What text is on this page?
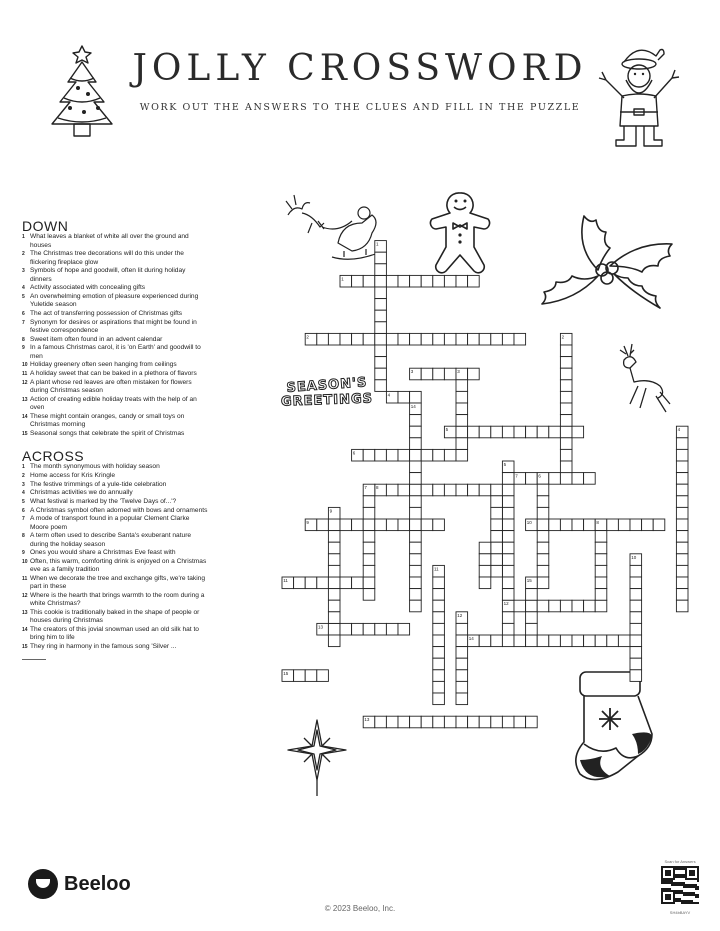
JOLLY CROSSWORD
WORK OUT THE ANSWERS TO THE CLUES AND FILL IN THE PUZZLE
SEASON'S
GREETINGS
DOWN
1 What leaves a blanket of white all over the ground and houses
2 The Christmas tree decorations will do this under the flickering fireplace glow
3 Symbols of hope and goodwill, often lit during holiday dinners
4 Activity associated with concealing gifts
5 An overwhelming emotion of pleasure experienced during Yuletide season
6 The act of transferring possession of Christmas gifts
7 Synonym for desires or aspirations that might be found in festive correspondence
8 Sweet item often found in an advent calendar
9 In a famous Christmas carol, it is 'on Earth' and goodwill to men
10 Holiday greenery often seen hanging from ceilings
11 A holiday sweet that can be baked in a plethora of flavors
12 A plant whose red leaves are often mistaken for flowers during Christmas season
13 Action of creating edible holiday treats with the help of an oven
14 These might contain oranges, candy or small toys on Christmas morning
15 Seasonal songs that celebrate the spirit of Christmas
ACROSS
1 The month synonymous with holiday season
2 Home access for Kris Kringle
3 The festive trimmings of a yule-tide celebration
4 Christmas activities we do annually
5 What festival is marked by the 'Twelve Days of...'?
6 A Christmas symbol often adorned with bows and ornaments
7 A mode of transport found in a popular Clement Clarke Moore poem
8 A term often used to describe Santa's exuberant nature during the holiday season
9 Ones you would share a Christmas Eve feast with
10 Often, this warm, comforting drink is enjoyed on a Christmas eve as a family tradition
11 When we decorate the tree and exchange gifts, we're taking part in these
12 Where is the hearth that brings warmth to the room during a white Christmas?
13 This cookie is traditionally baked in the shape of people or houses during Christmas
14 The creators of this jovial snowman used an old silk hat to bring him to life
15 They ring in harmony in the famous song 'Silver ...
1
1
2	2
3	3
4
5	4
6
5
7	6
8
7
9	8
9
10
11
10
12
11
13
12
14
15
13
14
15
Beeloo
© 2023 Beeloo, Inc.
Scan for Answers
SH4bBAYV
